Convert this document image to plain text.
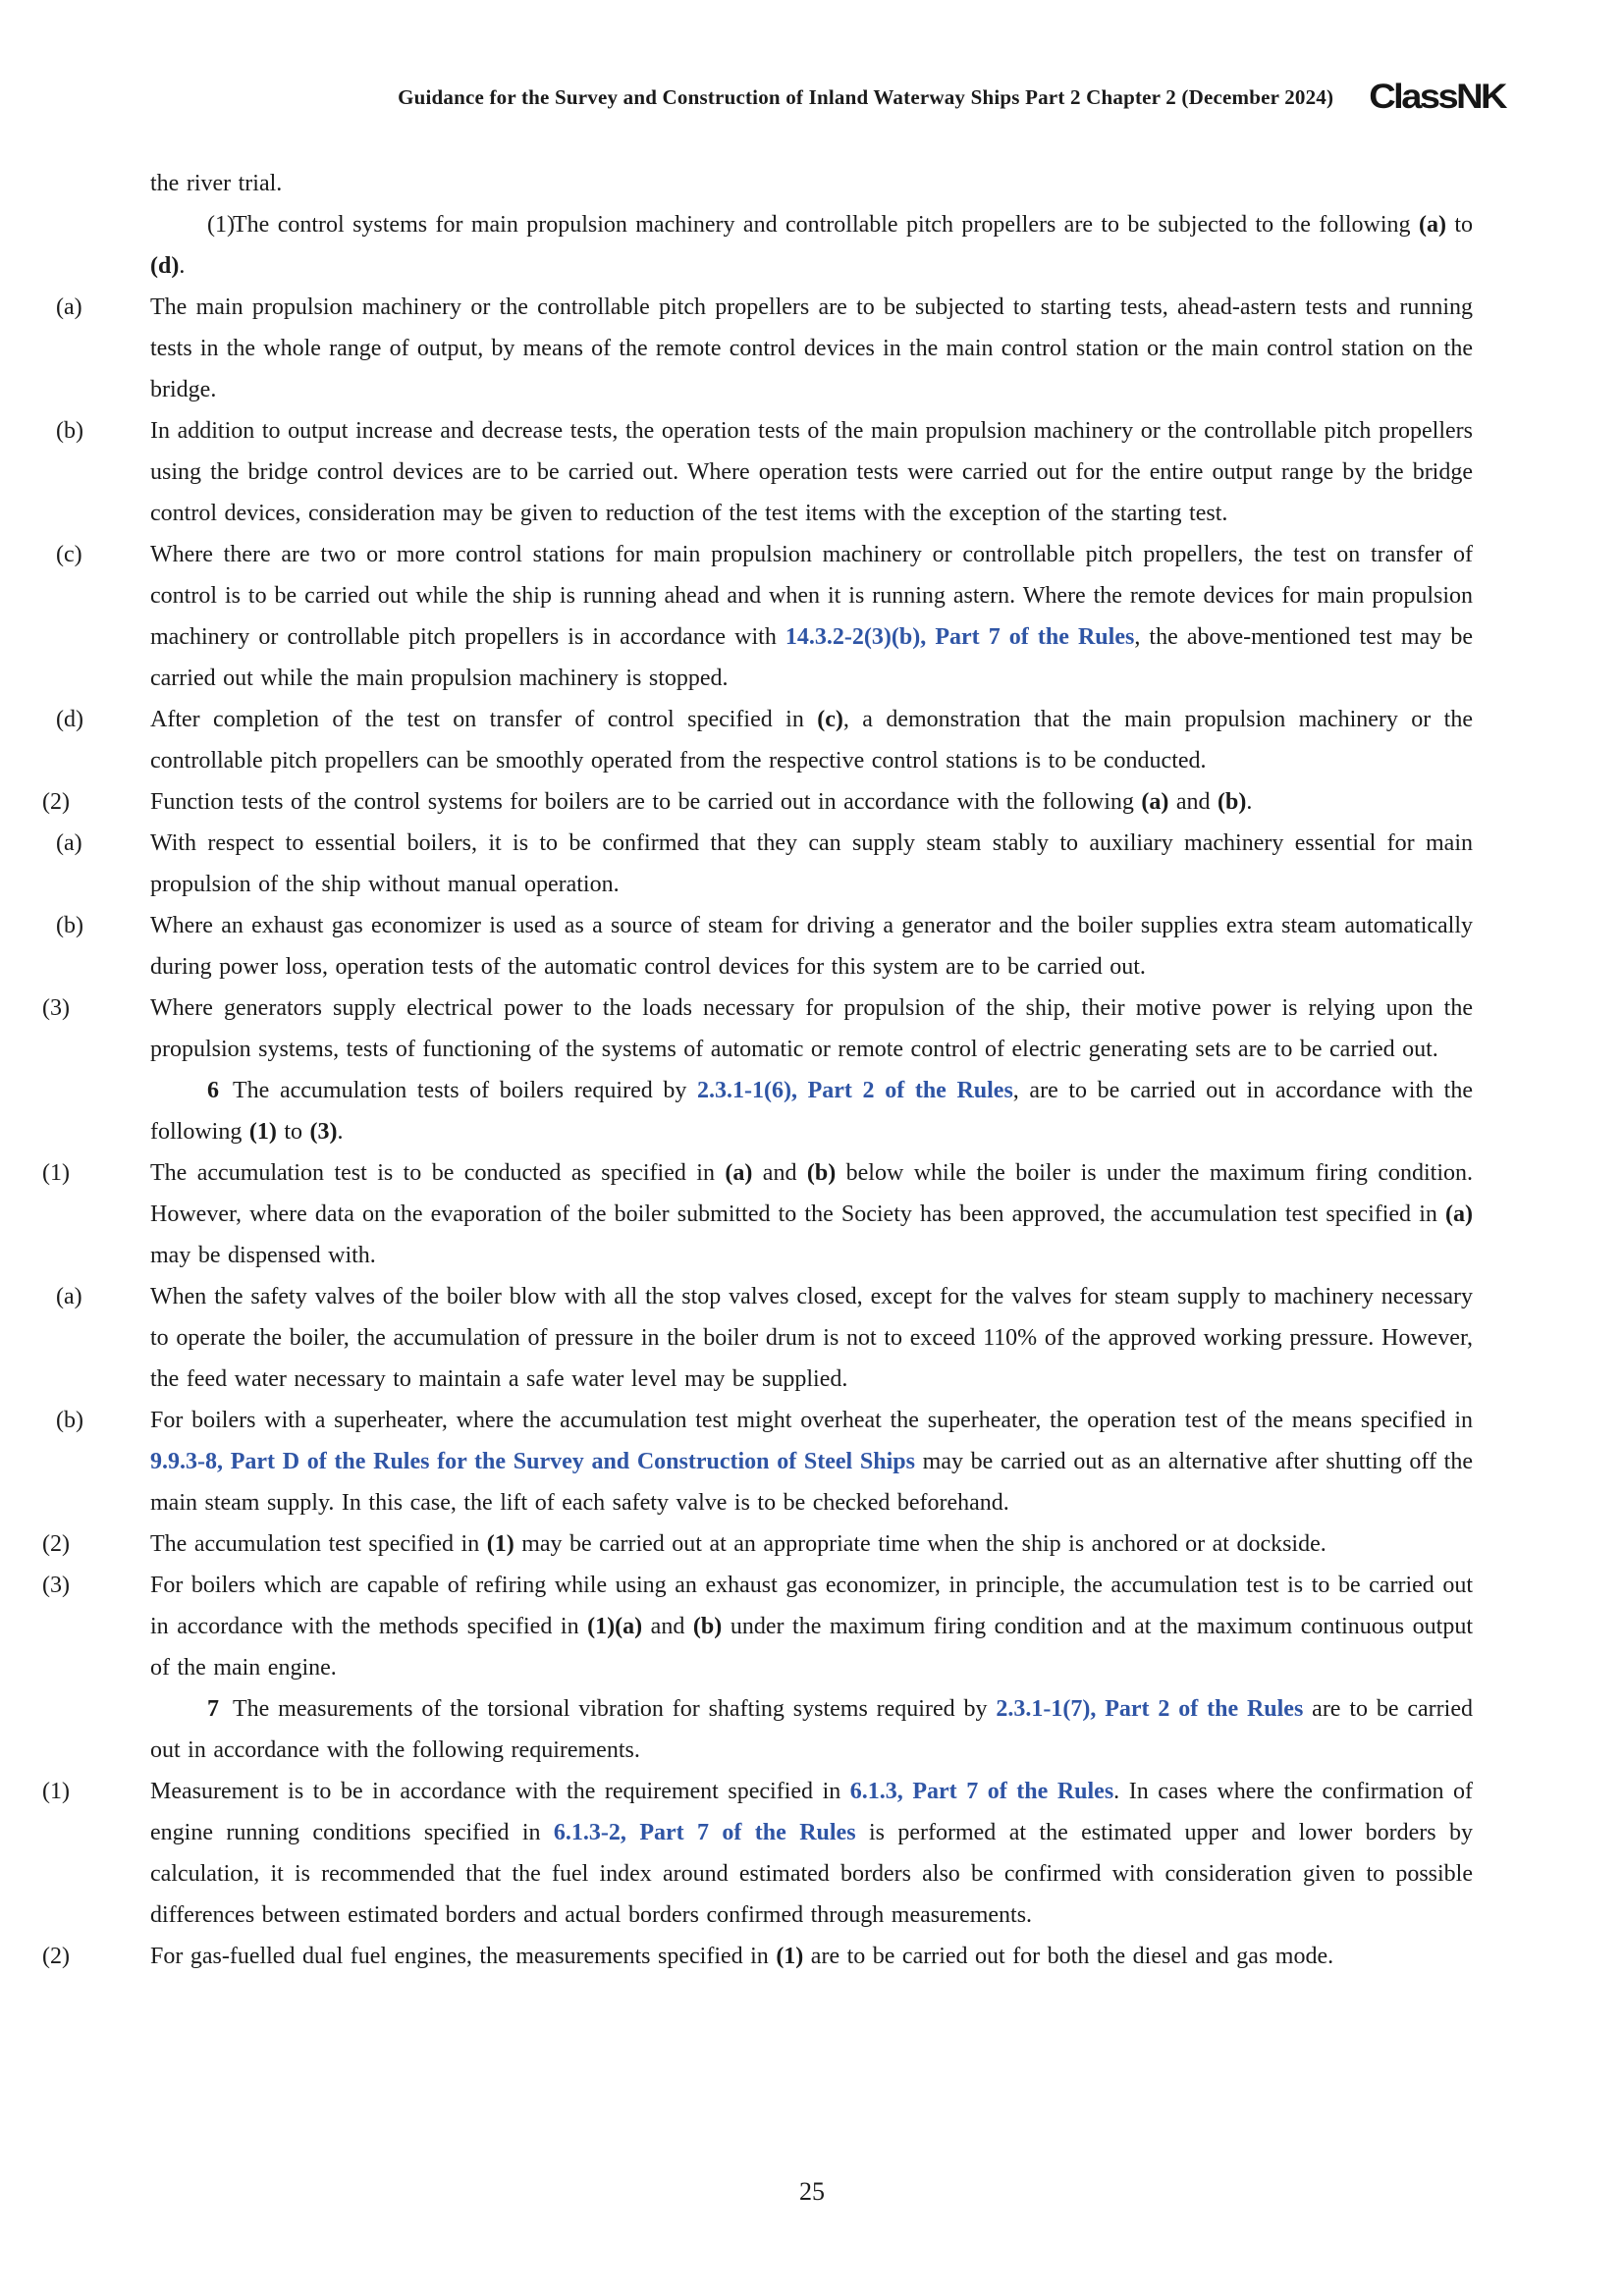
Guidance for the Survey and Construction of Inland Waterway Ships Part 2 Chapter 2 (December 2024) ClassNK

the river trial.

(1)The control systems for main propulsion machinery and controllable pitch propellers are to be subjected to the following (a) to (d).

(a)	The main propulsion machinery or the controllable pitch propellers are to be subjected to starting tests, ahead-astern tests and running tests in the whole range of output, by means of the remote control devices in the main control station or the main control station on the bridge.

(b)	In addition to output increase and decrease tests, the operation tests of the main propulsion machinery or the controllable pitch propellers using the bridge control devices are to be carried out. Where operation tests were carried out for the entire output range by the bridge control devices, consideration may be given to reduction of the test items with the exception of the starting test.

(c)	Where there are two or more control stations for main propulsion machinery or controllable pitch propellers, the test on transfer of control is to be carried out while the ship is running ahead and when it is running astern. Where the remote devices for main propulsion machinery or controllable pitch propellers is in accordance with 14.3.2-2(3)(b), Part 7 of the Rules, the above-mentioned test may be carried out while the main propulsion machinery is stopped.

(d)	After completion of the test on transfer of control specified in (c), a demonstration that the main propulsion machinery or the controllable pitch propellers can be smoothly operated from the respective control stations is to be conducted.

(2)	Function tests of the control systems for boilers are to be carried out in accordance with the following (a) and (b).

(a)	With respect to essential boilers, it is to be confirmed that they can supply steam stably to auxiliary machinery essential for main propulsion of the ship without manual operation.

(b)	Where an exhaust gas economizer is used as a source of steam for driving a generator and the boiler supplies extra steam automatically during power loss, operation tests of the automatic control devices for this system are to be carried out.

(3)	Where generators supply electrical power to the loads necessary for propulsion of the ship, their motive power is relying upon the propulsion systems, tests of functioning of the systems of automatic or remote control of electric generating sets are to be carried out.

6 The accumulation tests of boilers required by 2.3.1-1(6), Part 2 of the Rules, are to be carried out in accordance with the following (1) to (3).

(1)	The accumulation test is to be conducted as specified in (a) and (b) below while the boiler is under the maximum firing condition. However, where data on the evaporation of the boiler submitted to the Society has been approved, the accumulation test specified in (a) may be dispensed with.

(a)	When the safety valves of the boiler blow with all the stop valves closed, except for the valves for steam supply to machinery necessary to operate the boiler, the accumulation of pressure in the boiler drum is not to exceed 110% of the approved working pressure. However, the feed water necessary to maintain a safe water level may be supplied.

(b)	For boilers with a superheater, where the accumulation test might overheat the superheater, the operation test of the means specified in 9.9.3-8, Part D of the Rules for the Survey and Construction of Steel Ships may be carried out as an alternative after shutting off the main steam supply. In this case, the lift of each safety valve is to be checked beforehand.

(2)	The accumulation test specified in (1) may be carried out at an appropriate time when the ship is anchored or at dockside.

(3)	For boilers which are capable of refiring while using an exhaust gas economizer, in principle, the accumulation test is to be carried out in accordance with the methods specified in (1)(a) and (b) under the maximum firing condition and at the maximum continuous output of the main engine.

7 The measurements of the torsional vibration for shafting systems required by 2.3.1-1(7), Part 2 of the Rules are to be carried out in accordance with the following requirements.

(1)	Measurement is to be in accordance with the requirement specified in 6.1.3, Part 7 of the Rules. In cases where the confirmation of engine running conditions specified in 6.1.3-2, Part 7 of the Rules is performed at the estimated upper and lower borders by calculation, it is recommended that the fuel index around estimated borders also be confirmed with consideration given to possible differences between estimated borders and actual borders confirmed through measurements.

(2)	For gas-fuelled dual fuel engines, the measurements specified in (1) are to be carried out for both the diesel and gas mode.

25
